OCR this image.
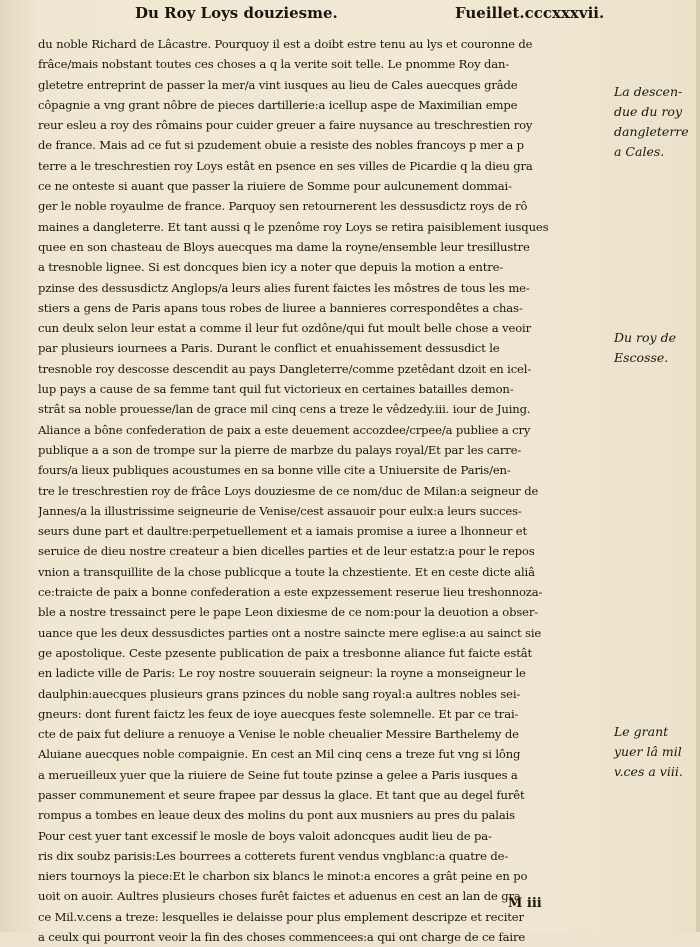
Du Roy Loys douziesme.	Fueillet.cccxxxvii.
du noble Richard de Lâcastre. Pourquoy il est a doibt estre tenu au lys et couronne de
frâce/mais nobstant toutes ces choses a q la verite soit telle. Le pnomme Roy dan-
gletetre entreprint de passer la mer/a vint iusques au lieu de Cales auecques grâde
côpagnie a vng grant nôbre de pieces dartillerie:a icellup aspe de Maximilian empe
reur esleu a roy des rômains pour cuider greuer a faire nuysance au treschrestien roy
de france. Mais ad ce fut si pzudement obuie a resiste des nobles francoys p mer a p
terre a le treschrestien roy Loys estât en psence en ses villes de Picardie q la dieu gra
ce ne onteste si auant que passer la riuiere de Somme pour aulcunement dommai-
ger le noble royaulme de france. Parquoy sen retournerent les dessusdictz roys de rô
maines a dangleterre. Et tant aussi q le pzenôme roy Loys se retira paisiblement iusques
quee en son chasteau de Bloys auecques ma dame la royne/ensemble leur tresillustre
a tresnoble lignee. Si est doncques bien icy a noter que depuis la motion a entre-
pzinse des dessusdictz Anglops/a leurs alies furent faictes les môstres de tous les me-
stiers a gens de Paris apans tous robes de liuree a bannieres correspondêtes a chas-
cun deulx selon leur estat a comme il leur fut ozdône/qui fut moult belle chose a veoir
par plusieurs iournees a Paris. Durant le conflict et enuahissement dessusdict le
tresnoble roy descosse descendit au pays Dangleterre/comme pzetêdant dzoit en icel-
lup pays a cause de sa femme tant quil fut victorieux en certaines batailles demon-
strât sa noble prouesse/lan de grace mil cinq cens a treze le vêdzedy.iii. iour de Juing.
Aliance a bône confederation de paix a este deuement accozdee/crpee/a publiee a cry
publique a a son de trompe sur la pierre de marbze du palays royal/Et par les carre-
fours/a lieux publiques acoustumes en sa bonne ville cite a Uniuersite de Paris/en-
tre le treschrestien roy de frâce Loys douziesme de ce nom/duc de Milan:a seigneur de
Jannes/a la illustrissime seigneurie de Venise/cest assauoir pour eulx:a leurs succes-
seurs dune part et daultre:perpetuellement et a iamais promise a iuree a lhonneur et
seruice de dieu nostre createur a bien dicelles parties et de leur estatz:a pour le repos
vnion a transquillite de la chose publicque a toute la chzestiente. Et en ceste dicte aliâ
ce:traicte de paix a bonne confederation a este expzessement reserue lieu treshonnoza-
ble a nostre tressainct pere le pape Leon dixiesme de ce nom:pour la deuotion a obser-
uance que les deux dessusdictes parties ont a nostre saincte mere eglise:a au sainct sie
ge apostolique. Ceste pzesente publication de paix a tresbonne aliance fut faicte estât
en ladicte ville de Paris: Le roy nostre souuerain seigneur: la royne a monseigneur le
daulphin:auecques plusieurs grans pzinces du noble sang royal:a aultres nobles sei-
gneurs: dont furent faictz les feux de ioye auecques feste solemnelle. Et par ce trai-
cte de paix fut deliure a renuoye a Venise le noble cheualier Messire Barthelemy de
Aluiane auecques noble compaignie. En cest an Mil cinq cens a treze fut vng si lông
a merueilleux yuer que la riuiere de Seine fut toute pzinse a gelee a Paris iusques a
passer communement et seure frapee par dessus la glace. Et tant que au degel furêt
rompus a tombes en leaue deux des molins du pont aux musniers au pres du palais
Pour cest yuer tant excessif le mosle de boys valoit adoncques audit lieu de pa-
ris dix soubz parisis:Les bourrees a cotterets furent vendus vngblanc:a quatre de-
niers tournoys la piece:Et le charbon six blancs le minot:a encores a grât peine en po
uoit on auoir. Aultres plusieurs choses furêt faictes et aduenus en cest an lan de gra
ce Mil.v.cens a treze: lesquelles ie delaisse pour plus emplement descripze et reciter
a ceulx qui pourront veoir la fin des choses commencees:a qui ont charge de ce faire
La descen-
due du roy
dangleterre
a Cales.
Du roy de
Escosse.
Le grant
yuer lâ mil
v.ces a viii.
M iii
